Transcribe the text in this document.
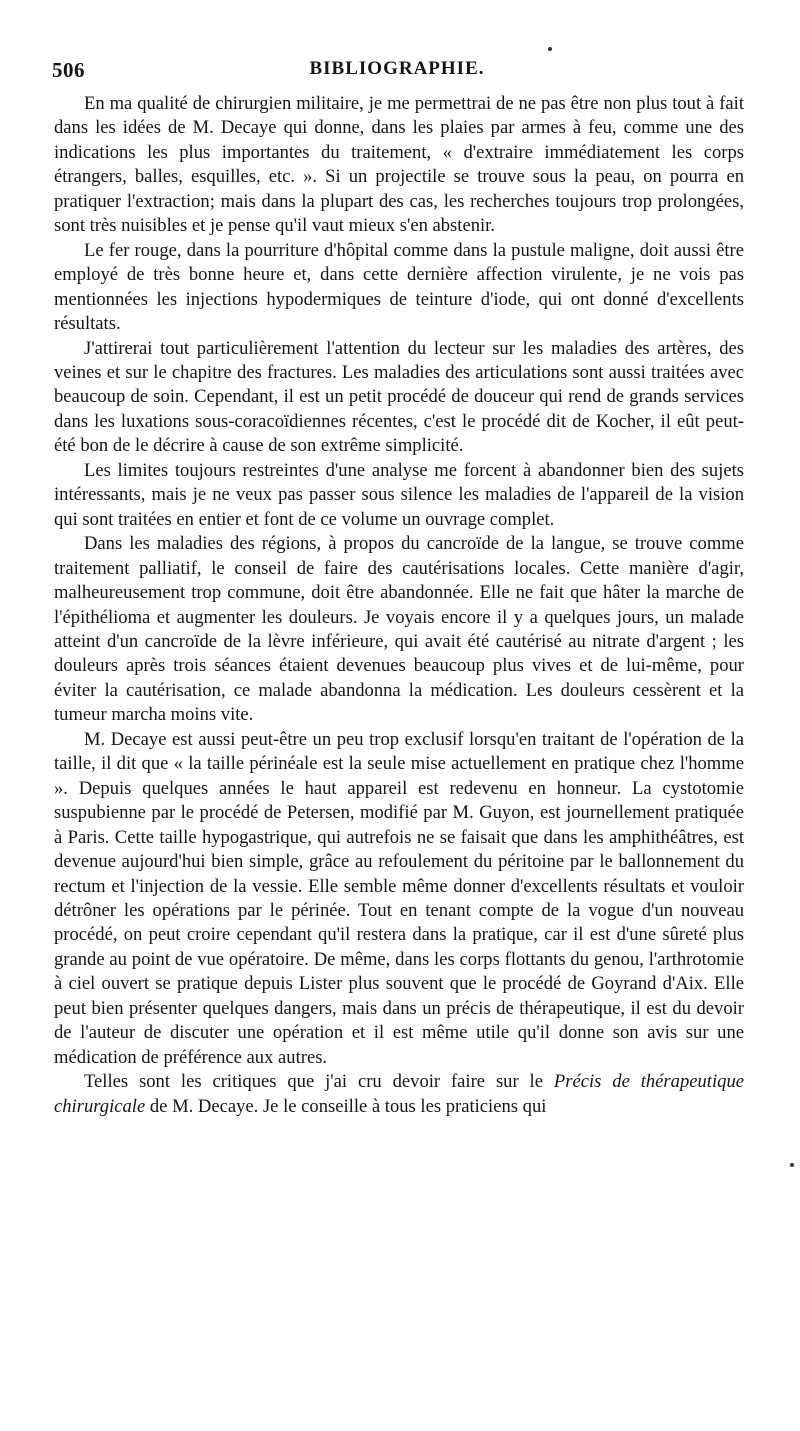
506	BIBLIOGRAPHIE.

En ma qualité de chirurgien militaire, je me permettrai de ne pas être non plus tout à fait dans les idées de M. Decaye qui donne, dans les plaies par armes à feu, comme une des indications les plus importantes du traitement, « d'extraire immédiatement les corps étrangers, balles, esquilles, etc. ». Si un projectile se trouve sous la peau, on pourra en pratiquer l'extraction; mais dans la plupart des cas, les recherches toujours trop prolongées, sont très nuisibles et je pense qu'il vaut mieux s'en abstenir.

Le fer rouge, dans la pourriture d'hôpital comme dans la pustule maligne, doit aussi être employé de très bonne heure et, dans cette dernière affection virulente, je ne vois pas mentionnées les injections hypodermiques de teinture d'iode, qui ont donné d'excellents résultats.

J'attirerai tout particulièrement l'attention du lecteur sur les maladies des artères, des veines et sur le chapitre des fractures. Les maladies des articulations sont aussi traitées avec beaucoup de soin. Cependant, il est un petit procédé de douceur qui rend de grands services dans les luxations sous-coracoïdiennes récentes, c'est le procédé dit de Kocher, il eût peut-été bon de le décrire à cause de son extrême simplicité.

Les limites toujours restreintes d'une analyse me forcent à abandonner bien des sujets intéressants, mais je ne veux pas passer sous silence les maladies de l'appareil de la vision qui sont traitées en entier et font de ce volume un ouvrage complet.

Dans les maladies des régions, à propos du cancroïde de la langue, se trouve comme traitement palliatif, le conseil de faire des cautérisations locales. Cette manière d'agir, malheureusement trop commune, doit être abandonnée. Elle ne fait que hâter la marche de l'épithélioma et augmenter les douleurs. Je voyais encore il y a quelques jours, un malade atteint d'un cancroïde de la lèvre inférieure, qui avait été cautérisé au nitrate d'argent ; les douleurs après trois séances étaient devenues beaucoup plus vives et de lui-même, pour éviter la cautérisation, ce malade abandonna la médication. Les douleurs cessèrent et la tumeur marcha moins vite.

M. Decaye est aussi peut-être un peu trop exclusif lorsqu'en traitant de l'opération de la taille, il dit que « la taille périnéale est la seule mise actuellement en pratique chez l'homme ». Depuis quelques années le haut appareil est redevenu en honneur. La cystotomie suspubienne par le procédé de Petersen, modifié par M. Guyon, est journellement pratiquée à Paris. Cette taille hypogastrique, qui autrefois ne se faisait que dans les amphithéâtres, est devenue aujourd'hui bien simple, grâce au refoulement du péritoine par le ballonnement du rectum et l'injection de la vessie. Elle semble même donner d'excellents résultats et vouloir détrôner les opérations par le périnée. Tout en tenant compte de la vogue d'un nouveau procédé, on peut croire cependant qu'il restera dans la pratique, car il est d'une sûreté plus grande au point de vue opératoire. De même, dans les corps flottants du genou, l'arthrotomie à ciel ouvert se pratique depuis Lister plus souvent que le procédé de Goyrand d'Aix. Elle peut bien présenter quelques dangers, mais dans un précis de thérapeutique, il est du devoir de l'auteur de discuter une opération et il est même utile qu'il donne son avis sur une médication de préférence aux autres.

Telles sont les critiques que j'ai cru devoir faire sur le Précis de thérapeutique chirurgicale de M. Decaye. Je le conseille à tous les praticiens qui
